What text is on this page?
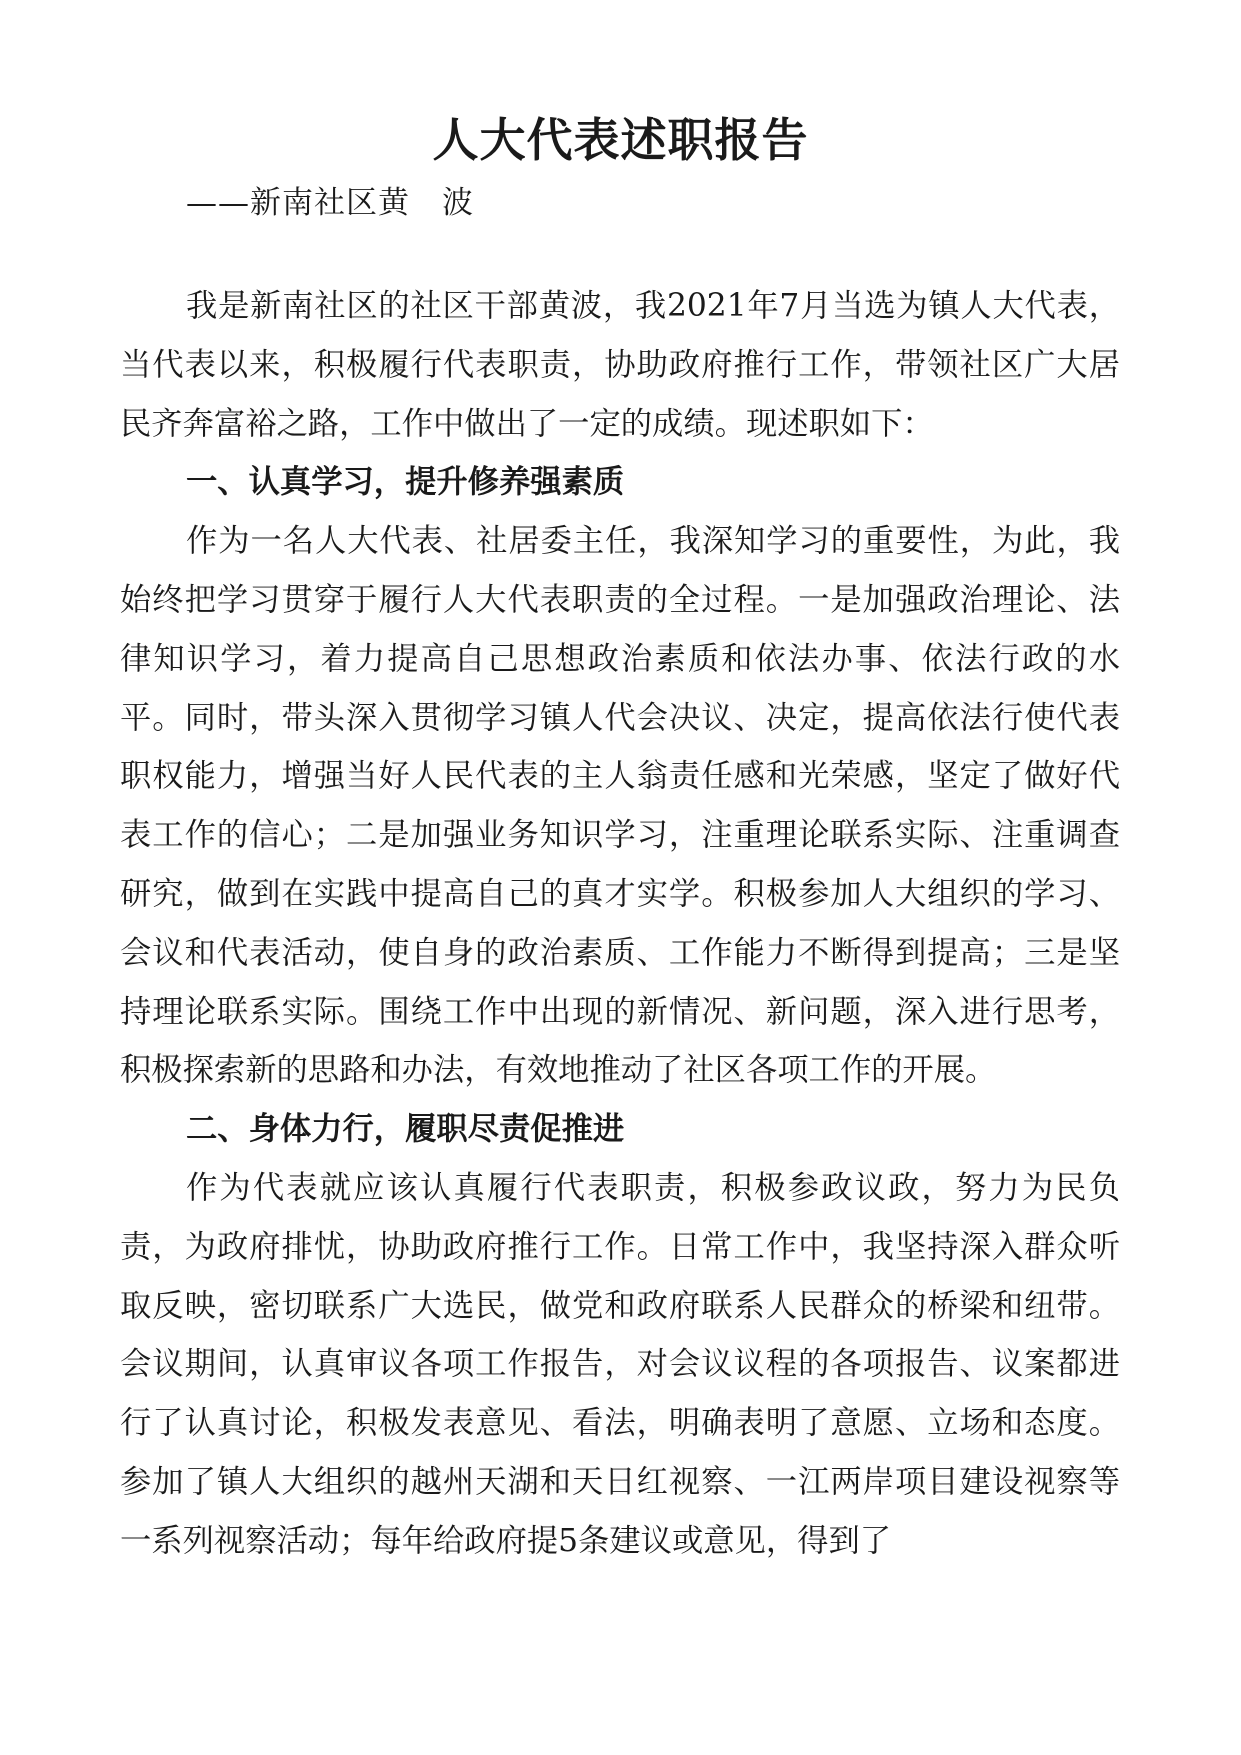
人大代表述职报告

——新南社区黄　波

我是新南社区的社区干部黄波，我2021年7月当选为镇人大代表，当代表以来，积极履行代表职责，协助政府推行工作，带领社区广大居民齐奔富裕之路，工作中做出了一定的成绩。现述职如下：

一、认真学习，提升修养强素质

作为一名人大代表、社居委主任，我深知学习的重要性，为此，我始终把学习贯穿于履行人大代表职责的全过程。一是加强政治理论、法律知识学习，着力提高自己思想政治素质和依法办事、依法行政的水平。同时，带头深入贯彻学习镇人代会决议、决定，提高依法行使代表职权能力，增强当好人民代表的主人翁责任感和光荣感，坚定了做好代表工作的信心；二是加强业务知识学习，注重理论联系实际、注重调查研究，做到在实践中提高自己的真才实学。积极参加人大组织的学习、会议和代表活动，使自身的政治素质、工作能力不断得到提高；三是坚持理论联系实际。围绕工作中出现的新情况、新问题，深入进行思考，积极探索新的思路和办法，有效地推动了社区各项工作的开展。

二、身体力行，履职尽责促推进

作为代表就应该认真履行代表职责，积极参政议政，努力为民负责，为政府排忧，协助政府推行工作。日常工作中，我坚持深入群众听取反映，密切联系广大选民，做党和政府联系人民群众的桥梁和纽带。会议期间，认真审议各项工作报告，对会议议程的各项报告、议案都进行了认真讨论，积极发表意见、看法，明确表明了意愿、立场和态度。参加了镇人大组织的越州天湖和天日红视察、一江两岸项目建设视察等一系列视察活动；每年给政府提5条建议或意见，得到了
